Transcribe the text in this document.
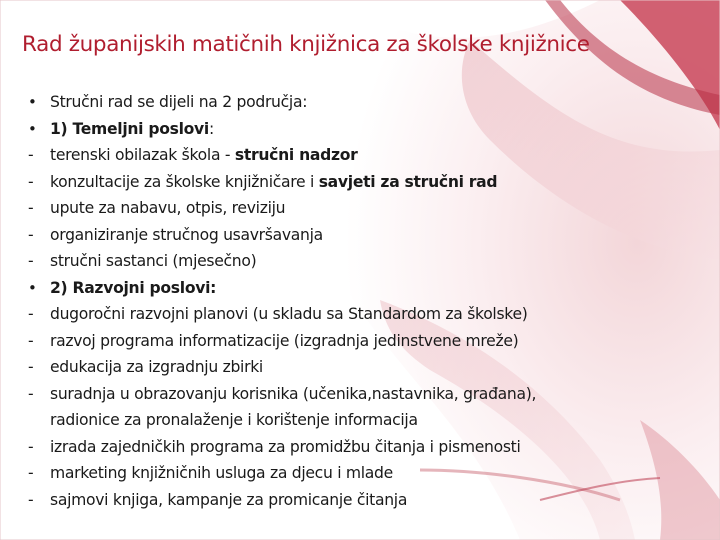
Rad županijskih matičnih knjižnica za školske knjižnice
• Stručni rad se dijeli na 2 područja:
• 1) Temeljni poslovi:
-	terenski obilazak škola - stručni nadzor
-	konzultacije za školske knjižničare i savjeti za stručni rad
-	upute za nabavu, otpis, reviziju
-	organiziranje stručnog usavršavanja
-	stručni sastanci (mjesečno)
• 2) Razvojni poslovi:
-	dugoročni razvojni planovi (u skladu sa Standardom za školske)
-	razvoj programa informatizacije (izgradnja jedinstvene mreže)
-	edukacija za izgradnju zbirki
-	suradnja u obrazovanju korisnika (učenika,nastavnika, građana),
radionice za pronalaženje i korištenje informacija
-	izrada zajedničkih programa za promidžbu čitanja i pismenosti
-	marketing knjižničnih usluga za djecu i mlade
-	sajmovi knjiga, kampanje za promicanje čitanja
